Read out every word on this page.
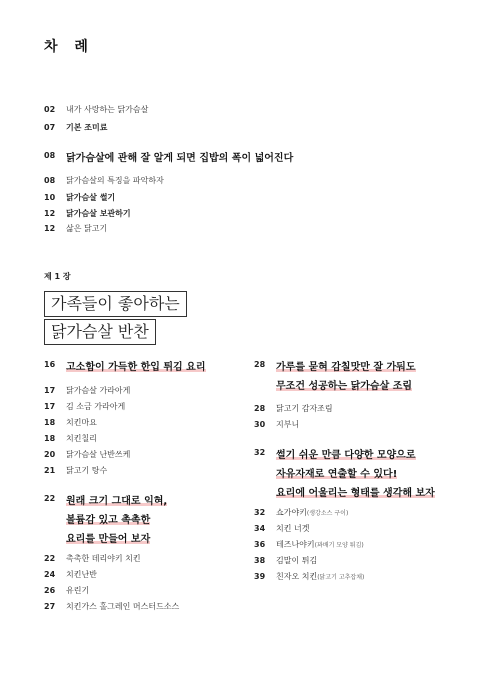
차 례
02	내가 사랑하는 닭가슴살
07	기본 조미료
08	닭가슴살에 관해 잘 알게 되면 집밥의 폭이 넓어진다
08	닭가슴살의 특징을 파악하자
10	닭가슴살 썰기
12	닭가슴살 보관하기
12	삶은 닭고기
제 1 장
가족들이 좋아하는
닭가슴살 반찬
16	고소함이 가득한 한입 튀김 요리
17	닭가슴살 가라아게
17	김 소금 가라아게
18	치킨마요
18	치킨칠리
20	닭가슴살 난반쓰케
21	닭고기 탕수
22	원래 크기 그대로 익혀,
볼륨감 있고 촉촉한
요리를 만들어 보자
22	촉촉한 데리야키 치킨
24	치킨난반
26	유린기
27	치킨가스 홀그레인 머스터드소스
28	가루를 묻혀 감칠맛만 잘 가둬도
무조건 성공하는 닭가슴살 조림
28	닭고기 감자조림
30	지부니
32	썰기 쉬운 만큼 다양한 모양으로
자유자재로 연출할 수 있다!
요리에 어울리는 형태를 생각해 보자
32	쇼가야키 (생강소스 구이)
34	치킨 너겟
36	테즈나야키 (꽈배기 모양 튀김)
38	김말이 튀김
39	친자오 치킨 (닭고기 고추잡채)
